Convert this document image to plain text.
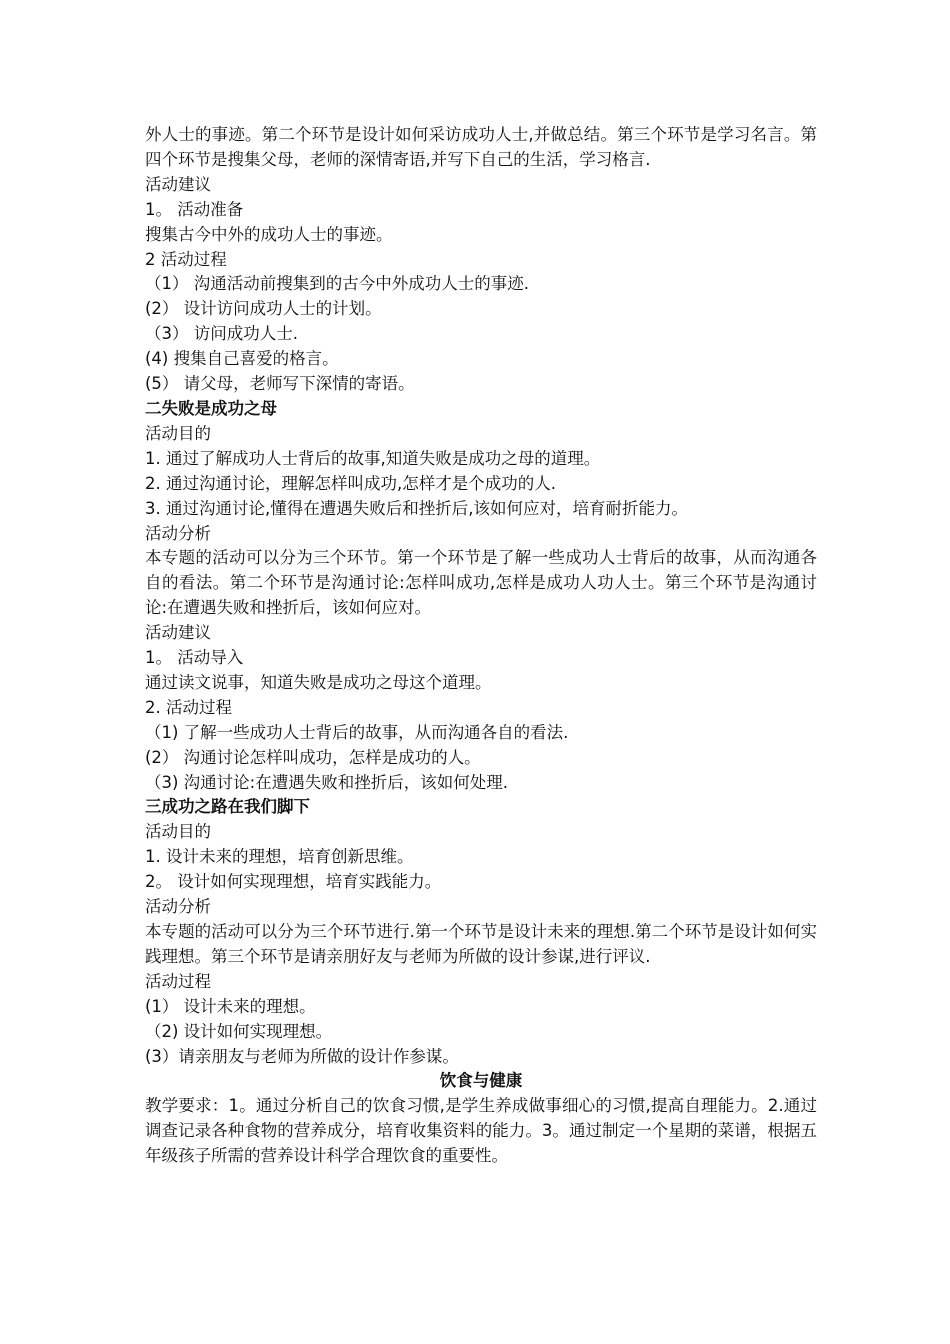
外人士的事迹。第二个环节是设计如何采访成功人士,并做总结。第三个环节是学习名言。第四个环节是搜集父母，老师的深情寄语,并写下自己的生活，学习格言.
活动建议
1。 活动准备
搜集古今中外的成功人士的事迹。
2 活动过程
（1） 沟通活动前搜集到的古今中外成功人士的事迹.
(2） 设计访问成功人士的计划。
（3） 访问成功人士.
(4) 搜集自己喜爱的格言。
(5） 请父母，老师写下深情的寄语。
二失败是成功之母
活动目的
1. 通过了解成功人士背后的故事,知道失败是成功之母的道理。
2. 通过沟通讨论，理解怎样叫成功,怎样才是个成功的人.
3. 通过沟通讨论,懂得在遭遇失败后和挫折后,该如何应对，培育耐折能力。
活动分析
本专题的活动可以分为三个环节。第一个环节是了解一些成功人士背后的故事，从而沟通各自的看法。第二个环节是沟通讨论:怎样叫成功,怎样是成功人功人士。第三个环节是沟通讨论:在遭遇失败和挫折后，该如何应对。
活动建议
1。 活动导入
通过读文说事，知道失败是成功之母这个道理。
2. 活动过程
（1) 了解一些成功人士背后的故事，从而沟通各自的看法.
(2） 沟通讨论怎样叫成功，怎样是成功的人。
（3) 沟通讨论:在遭遇失败和挫折后，该如何处理.
三成功之路在我们脚下
活动目的
1. 设计未来的理想，培育创新思维。
2。 设计如何实现理想，培育实践能力。
活动分析
本专题的活动可以分为三个环节进行.第一个环节是设计未来的理想.第二个环节是设计如何实践理想。第三个环节是请亲朋好友与老师为所做的设计参谋,进行评议.
活动过程
(1） 设计未来的理想。
（2) 设计如何实现理想。
(3）请亲朋友与老师为所做的设计作参谋。
饮食与健康
教学要求：1。通过分析自己的饮食习惯,是学生养成做事细心的习惯,提高自理能力。2.通过调查记录各种食物的营养成分，培育收集资料的能力。3。通过制定一个星期的菜谱，根据五年级孩子所需的营养设计科学合理饮食的重要性。
